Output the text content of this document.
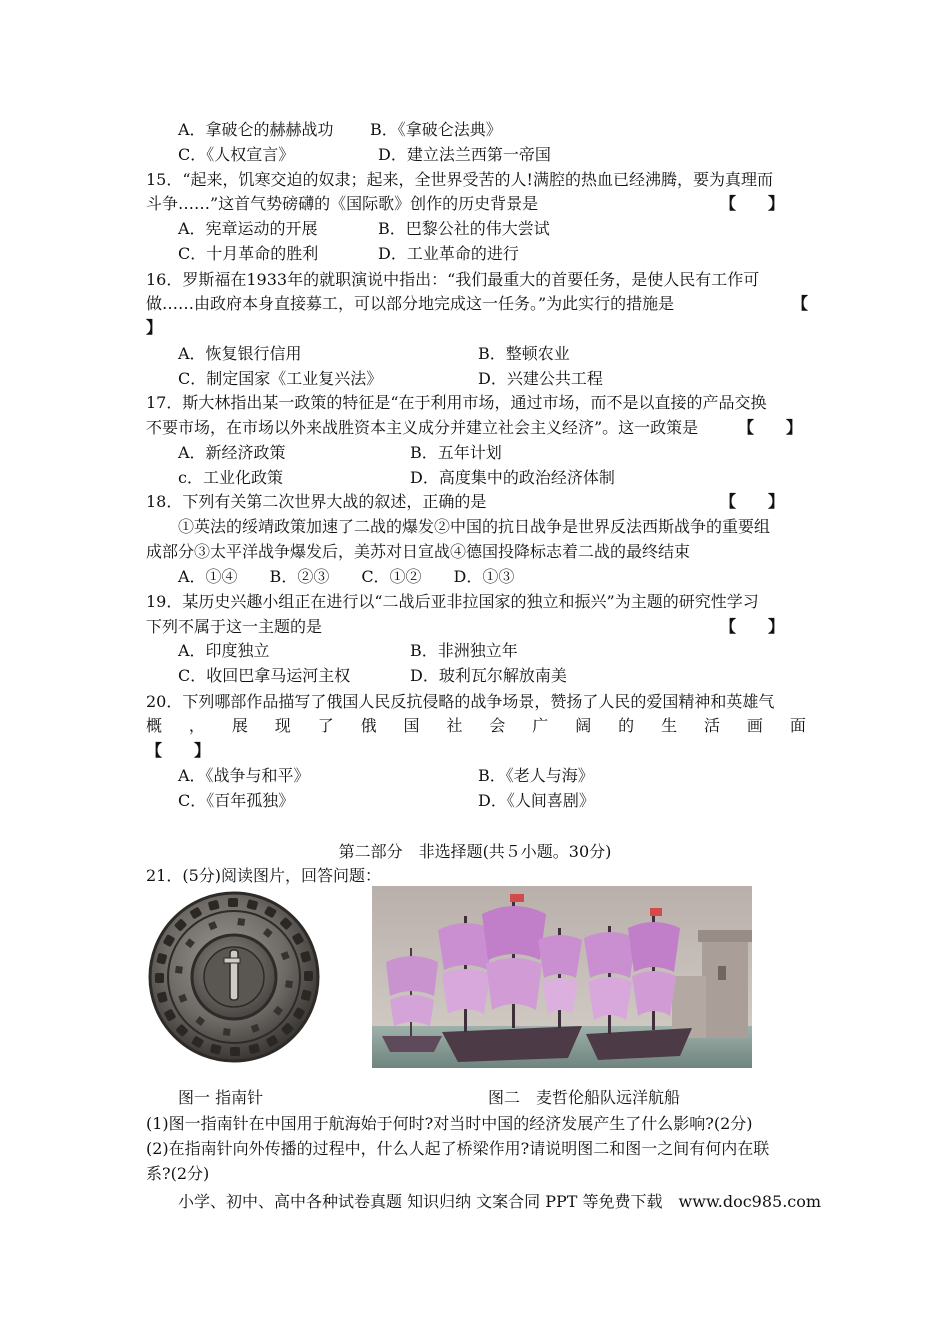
A．拿破仑的赫赫战功 B．《拿破仑法典》
C．《人权宣言》	D．建立法兰西第一帝国
15．“起来，饥寒交迫的奴隶；起来，全世界受苦的人!满腔的热血已经沸腾，要为真理而
斗争……”这首气势磅礴的《国际歌》创作的历史背景是	【　　】
A．宪章运动的开展	B．巴黎公社的伟大尝试
C．十月革命的胜利	D．工业革命的进行
16．罗斯福在1933年的就职演说中指出：“我们最重大的首要任务，是使人民有工作可
做……由政府本身直接募工，可以部分地完成这一任务。”为此实行的措施是	【
】
A．恢复银行信用	B．整顿农业
C．制定国家《工业复兴法》	D．兴建公共工程
17．斯大林指出某一政策的特征是“在于利用市场，通过市场，而不是以直接的产品交换
不要市场，在市场以外来战胜资本主义成分并建立社会主义经济”。这一政策是 【　　】
A．新经济政策	B．五年计划
c．工业化政策	D．高度集中的政治经济体制
18．下列有关第二次世界大战的叙述，正确的是	【　　】
①英法的绥靖政策加速了二战的爆发②中国的抗日战争是世界反法西斯战争的重要组
成部分③太平洋战争爆发后，美苏对日宣战④德国投降标志着二战的最终结束
A．①④　　B．②③　　C．①②　　D．①③
19．某历史兴趣小组正在进行以“二战后亚非拉国家的独立和振兴”为主题的研究性学习
下列不属于这一主题的是	【　　】
A．印度独立	B．非洲独立年
C．收回巴拿马运河主权	D．玻利瓦尔解放南美
20．下列哪部作品描写了俄国人民反抗侵略的战争场景，赞扬了人民的爱国精神和英雄气
概 ， 展 现 了 俄 国 社 会 广 阔 的 生 活 画 面
【　　】
A．《战争与和平》	B．《老人与海》
C．《百年孤独》	D．《人间喜剧》
第二部分　非选择题(共５小题。30分)
21．(5分)阅读图片，回答问题：
图一 指南针	图二　麦哲伦船队远洋航船
(1)图一指南针在中国用于航海始于何时?对当时中国的经济发展产生了什么影响?(2分)
(2)在指南针向外传播的过程中，什么人起了桥梁作用?请说明图二和图一之间有何内在联
系?(2分)
小学、初中、高中各种试卷真题 知识归纳 文案合同 PPT 等免费下载　www.doc985.com
